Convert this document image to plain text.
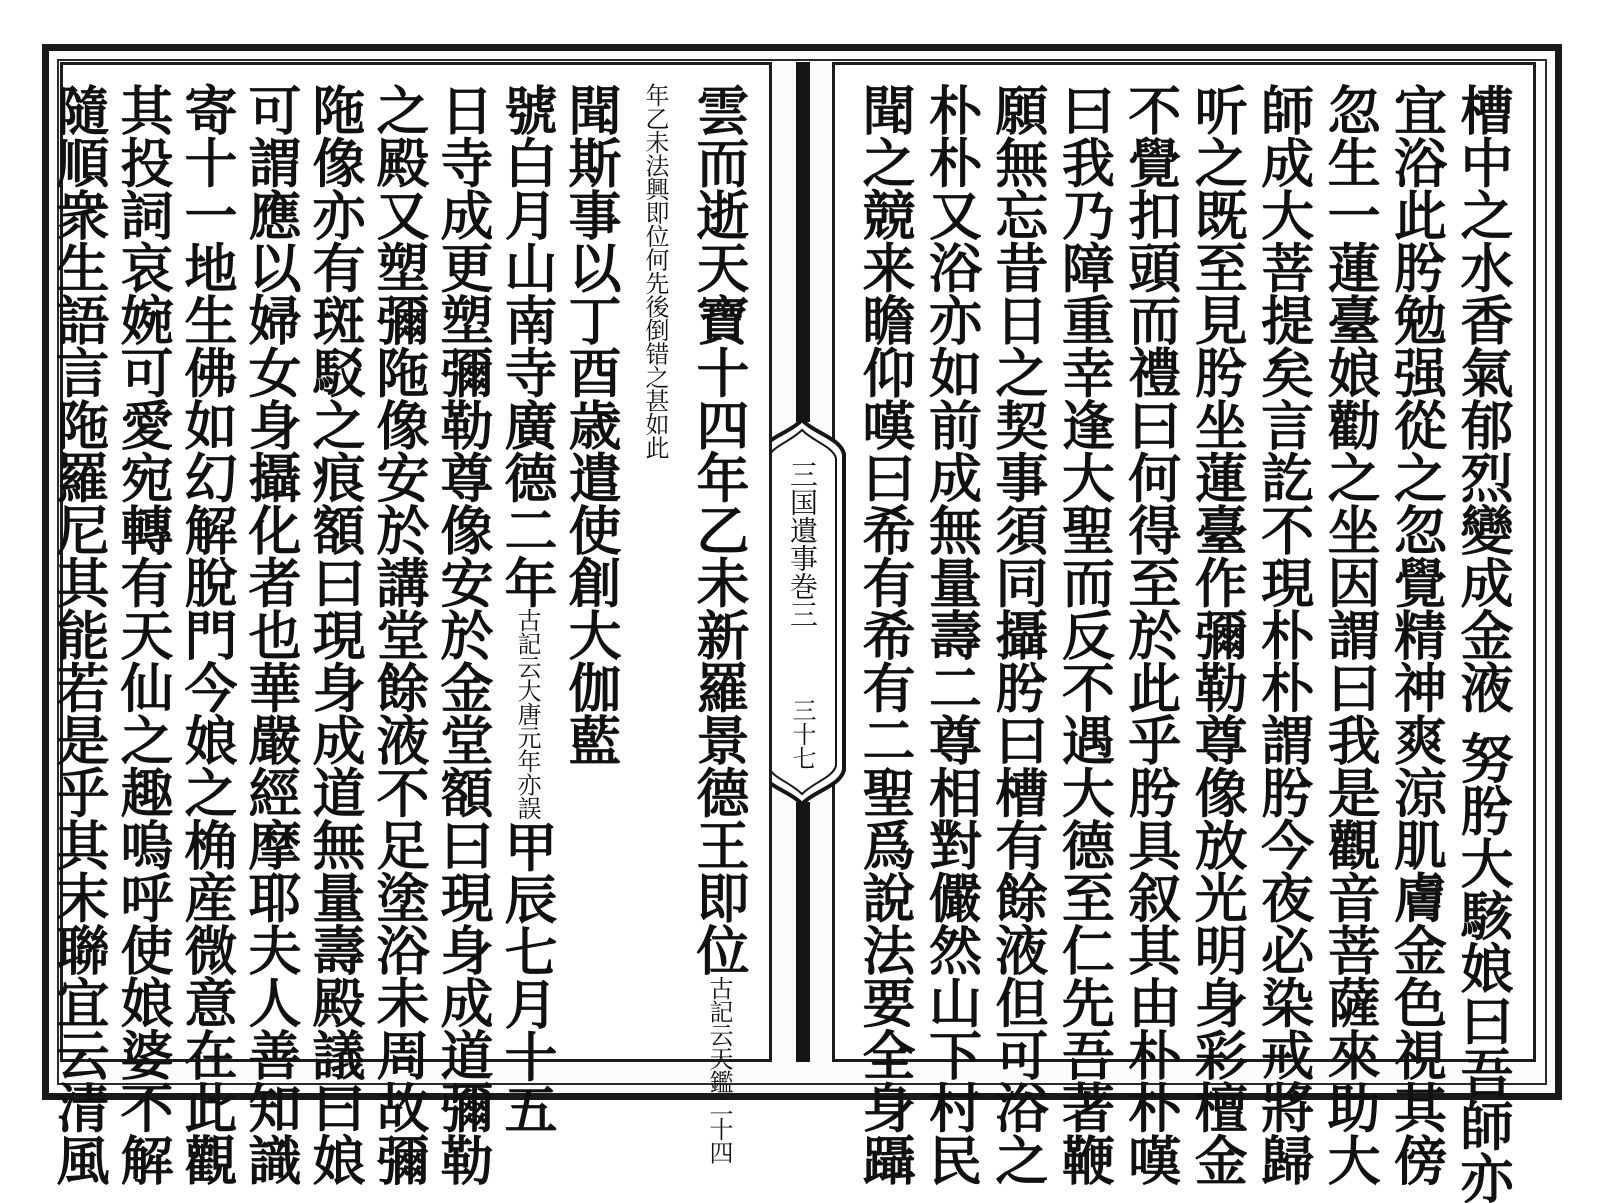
槽中之水香氣郁烈變成金液 努肹大駭娘曰吾師亦
宜浴此肹勉强從之忽覺精神爽涼肌膚金色視其傍
忽生一蓮臺娘勸之坐因謂曰我是觀音菩薩來助大
師成大菩提矣言訖不現朴朴謂肹今夜必染戒將歸
听之既至見肹坐蓮臺作彌勒尊像放光明身彩檀金
不覺扣頭而禮曰何得至於此乎肹具叙其由朴朴嘆
曰我乃障重幸逢大聖而反不遇大德至仁先吾著鞭
願無忘昔日之契事須同攝肹曰槽有餘液但可浴之
朴朴又浴亦如前成無量壽二尊相對儼然山下村民
聞之競来瞻仰嘆曰希有希有二聖爲說法要全身躡
三国遺事巻三
三十七
雲而逝天寶十四年乙未新羅景德王即位古記云天鑑二十四
年乙未法興即位何先後倒错之甚如此
聞斯事以丁酉歳遣使創大伽藍
號白月山南寺廣德二年古記云大唐元年亦誤甲辰七月十五
日寺成更塑彌勒尊像安於金堂額曰現身成道彌勒
之殿又塑彌陁像安於講堂餘液不足塗浴未周故彌
陁像亦有斑駁之痕額曰現身成道無量壽殿議曰娘
可謂應以婦女身攝化者也華嚴經摩耶夫人善知識
寄十一地生佛如幻解脫門今娘之桷産微意在此觀
其投詞哀婉可愛宛轉有天仙之趣嗚呼使娘婆不解
隨順衆生語言陁羅尼其能若是乎其末聯宜云清風
